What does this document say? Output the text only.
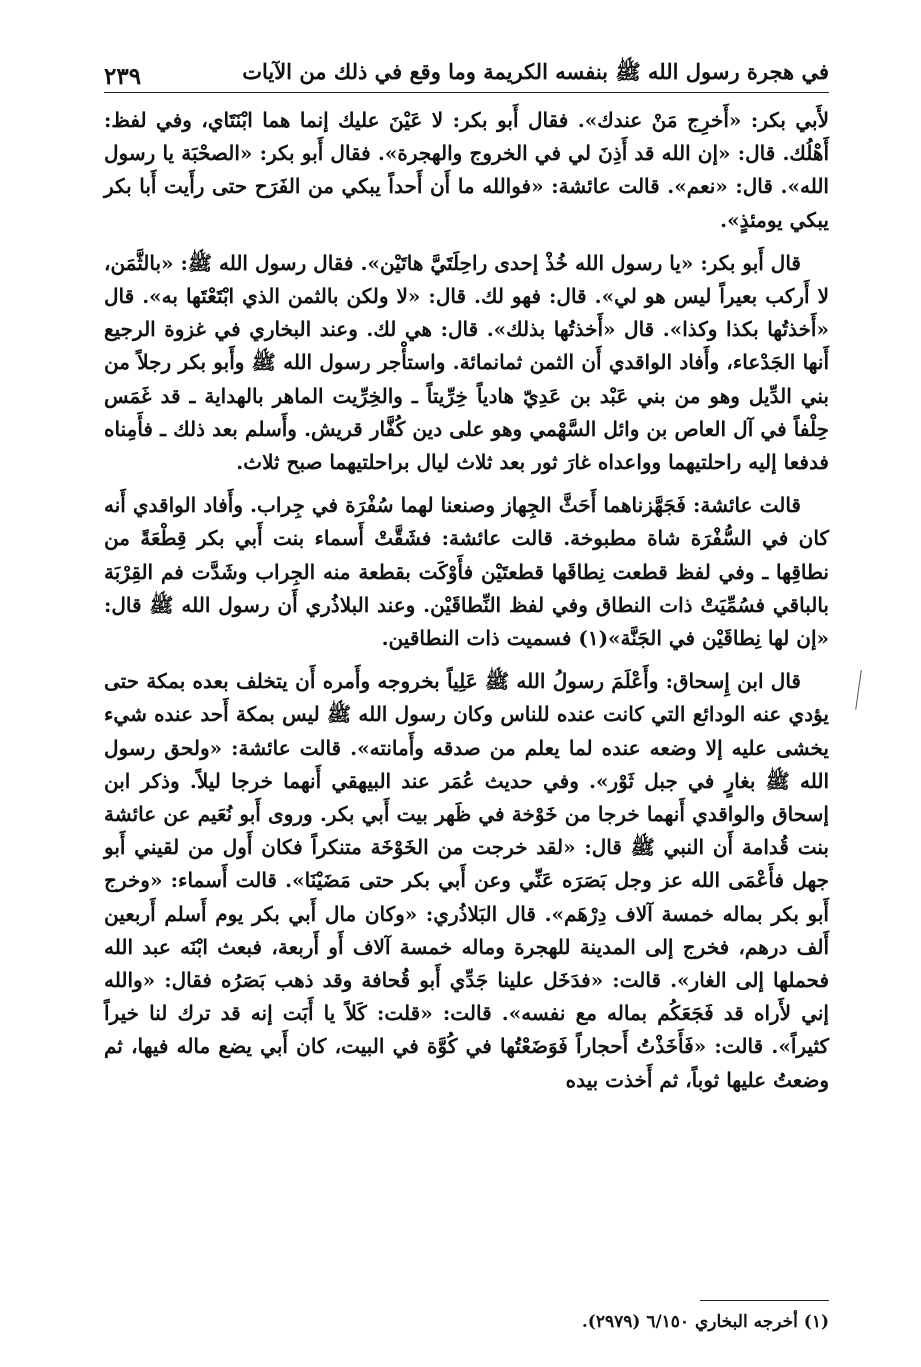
في هجرة رسول الله ﷺ بنفسه الكريمة وما وقع في ذلك من الآيات
٢٣٩

لأَبي بكر: «أَخرِج مَنْ عندك». فقال أَبو بكر: لا عَيْنَ عليك إنما هما ابْنَتَاي، وفي لفظ: أَهْلُك. قال: «إن الله قد أَذِنَ لي في الخروج والهجرة». فقال أَبو بكر: «الصحْبَة يا رسول الله». قال: «نعم». قالت عائشة: «فوالله ما أَن أَحداً يبكي من الفَرَح حتى رأَيت أَبا بكر يبكي يومئذٍ».

قال أَبو بكر: «يا رسول الله خُذْ إحدى راحِلَتَيَّ هاتَيْن». فقال رسول الله ﷺ: «بالثَّمَن، لا أَركب بعيراً ليس هو لي». قال: فهو لك. قال: «لا ولكن بالثمن الذي ابْتَعْتَها به». قال «أَخذتُها بكذا وكذا». قال «أَخذتُها بذلك». قال: هي لك. وعند البخاري في غزوة الرجيع أَنها الجَدْعاء، وأَفاد الواقدي أَن الثمن ثمانمائة. واستأْجر رسول الله ﷺ وأَبو بكر رجلاً من بني الدِّيل وهو من بني عَبْد بن عَدِيّ هادياً خِرِّيتاً ـ والخِرِّيت الماهر بالهداية ـ قد غَمَس حِلْفاً في آل العاص بن وائل السَّهْمي وهو على دين كُفَّار قريش. وأَسلم بعد ذلك ـ فأَمِناه فدفعا إليه راحلتيهما وواعداه غارَ ثور بعد ثلاث ليال براحلتيهما صبح ثلاث.

قالت عائشة: فَجَهَّزناهما أَحَثَّ الجِهاز وصنعنا لهما سُفْرَة في جِراب. وأَفاد الواقدي أَنه كان في السُّفْرَة شاة مطبوخة. قالت عائشة: فشَقَّتْ أَسماء بنت أَبي بكر قِطْعَةً من نطاقِها ـ وفي لفظ قطعت نِطاقَها قطعتَيْن فأَوْكَت بقطعة منه الجِراب وشَدَّت فم القِرْبَة بالباقي فسُمِّيَتْ ذات النطاق وفي لفظ النِّطاقَيْن. وعند البلاذُري أَن رسول الله ﷺ قال: «إن لها نِطاقَيْن في الجَنَّة»(١) فسميت ذات النطاقين.

قال ابن إِسحاق: وأَعْلَمَ رسولُ الله ﷺ عَلِياً بخروجه وأَمره أَن يتخلف بعده بمكة حتى يؤدي عنه الودائع التي كانت عنده للناس وكان رسول الله ﷺ ليس بمكة أَحد عنده شيء يخشى عليه إلا وضعه عنده لما يعلم من صدقه وأَمانته». قالت عائشة: «ولحق رسول الله ﷺ بغارٍ في جبل ثَوْر». وفي حديث عُمَر عند البيهقي أَنهما خرجا ليلاً. وذكر ابن إسحاق والواقدي أَنهما خرجا من خَوْخة في ظَهر بيت أَبي بكر. وروى أَبو نُعَيم عن عائشة بنت قُدامة أَن النبي ﷺ قال: «لقد خرجت من الخَوْخَة متنكراً فكان أَول من لقيني أَبو جهل فأَعْمَى الله عز وجل بَصَرَه عَنِّي وعن أَبي بكر حتى مَضَيْنَا». قالت أَسماء: «وخرج أَبو بكر بماله خمسة آلاف دِرْهَم». قال البَلاذُري: «وكان مال أَبي بكر يوم أَسلم أَربعين أَلف درهم، فخرج إلى المدينة للهجرة وماله خمسة آلاف أَو أَربعة، فبعث ابْنَه عبد الله فحملها إلى الغار». قالت: «فدَخَل علينا جَدِّي أَبو قُحافة وقد ذهب بَصَرُه فقال: «والله إني لأَراه قد فَجَعَكُم بماله مع نفسه». قالت: «قلت: كَلاً يا أَبَت إنه قد ترك لنا خيراً كثيراً». قالت: «فَأَخَذْتُ أَحجاراً فَوَضَعْتُها في كُوَّة في البيت، كان أَبي يضع ماله فيها، ثم وضعتُ عليها ثوباً، ثم أَخذت بيده

(١) أخرجه البخاري ٦/١٥٠ (٢٩٧٩).
